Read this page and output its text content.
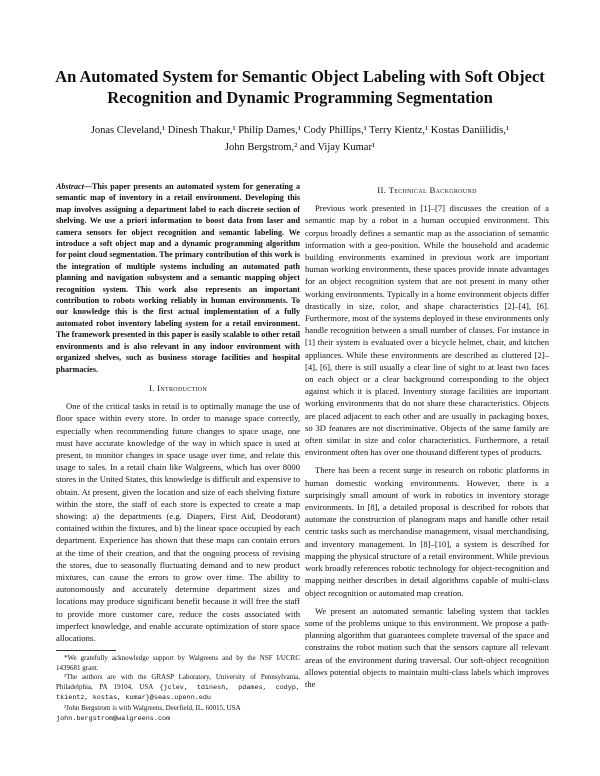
An Automated System for Semantic Object Labeling with Soft Object Recognition and Dynamic Programming Segmentation
Jonas Cleveland,¹ Dinesh Thakur,¹ Philip Dames,¹ Cody Phillips,¹ Terry Kientz,¹ Kostas Daniilidis,¹
John Bergstrom,² and Vijay Kumar¹

Abstract—This paper presents an automated system for generating a semantic map of inventory in a retail environment. Developing this map involves assigning a department label to each discrete section of shelving. We use a priori information to boost data from laser and camera sensors for object recognition and semantic labeling. We introduce a soft object map and a dynamic programming algorithm for point cloud segmentation. The primary contribution of this work is the integration of multiple systems including an automated path planning and navigation subsystem and a semantic mapping object recognition system. This work also represents an important contribution to robots working reliably in human environments. To our knowledge this is the first actual implementation of a fully automated robot inventory labeling system for a retail environment. The framework presented in this paper is easily scalable to other retail environments and is also relevant in any indoor environment with organized shelves, such as business storage facilities and hospital pharmacies.

I. Introduction

One of the critical tasks in retail is to optimally manage the use of floor space within every store. In order to manage space correctly, especially when recommending future changes to space usage, one must have accurate knowledge of the way in which space is used at present, to monitor changes in space usage over time, and relate this usage to sales. In a retail chain like Walgreens, which has over 8000 stores in the United States, this knowledge is difficult and expensive to obtain. At present, given the location and size of each shelving fixture within the store, the staff of each store is expected to create a map showing: a) the departments (e.g. Diapers, First Aid, Deodorant) contained within the fixtures, and b) the linear space occupied by each department. Experience has shown that these maps can contain errors at the time of their creation, and that the ongoing process of revising the stores, due to seasonally fluctuating demand and to new product mixtures, can cause the errors to grow over time. The ability to autonomously and accurately determine department sizes and locations may produce significant benefit because it will free the staff to provide more customer care, reduce the costs associated with imperfect knowledge, and enable accurate optimization of store space allocations.

*We gratefully acknowledge support by Walgreens and by the NSF I/UCRC 1439681 grant.

¹The authors are with the GRASP Laboratory, University of Pennsylvania, Philadelphia, PA 19104, USA {jclev, tdinesh, pdames, codyp, tkientz, kostas, kumar}@seas.upenn.edu

²John Bergstrom is with Walgreens, Deerfield, IL, 60015, USA
john.bergstrom@walgreens.com

II. Technical Background

Previous work presented in [1]–[7] discusses the creation of a semantic map by a robot in a human occupied environment. This corpus broadly defines a semantic map as the association of semantic information with a geo-position. While the household and academic building environments examined in previous work are important human working environments, these spaces provide innate advantages for an object recognition system that are not present in many other working environments. Typically in a home environment objects differ drastically in size, color, and shape characteristics [2]–[4], [6]. Furthermore, most of the systems deployed in these environments only handle recognition between a small number of classes. For instance in [1] their system is evaluated over a bicycle helmet, chair, and kitchen appliances. While these environments are described as cluttered [2]–[4], [6], there is still usually a clear line of sight to at least two faces on each object or a clear background corresponding to the object against which it is placed. Inventory storage facilities are important working environments that do not share these characteristics. Objects are placed adjacent to each other and are usually in packaging boxes, so 3D features are not discriminative. Objects of the same family are often similar in size and color characteristics. Furthermore, a retail environment often has over one thousand different types of products.

There has been a recent surge in research on robotic platforms in human domestic working environments. However, there is a surprisingly small amount of work in robotics in inventory storage environments. In [8], a detailed proposal is described for robots that automate the construction of planogram maps and handle other retail centric tasks such as merchandise management, visual merchandising, and inventory management. In [8]–[10], a system is described for mapping the physical structure of a retail environment. While previous work broadly references robotic technology for object-recognition and mapping neither describes in detail algorithms capable of multi-class object recognition or automated map creation.

We present an automated semantic labeling system that tackles some of the problems unique to this environment. We propose a path-planning algorithm that guarantees complete traversal of the space and constrains the robot motion such that the sensors capture all relevant areas of the environment during traversal. Our soft-object recognition allows potential objects to maintain multi-class labels which improves the
